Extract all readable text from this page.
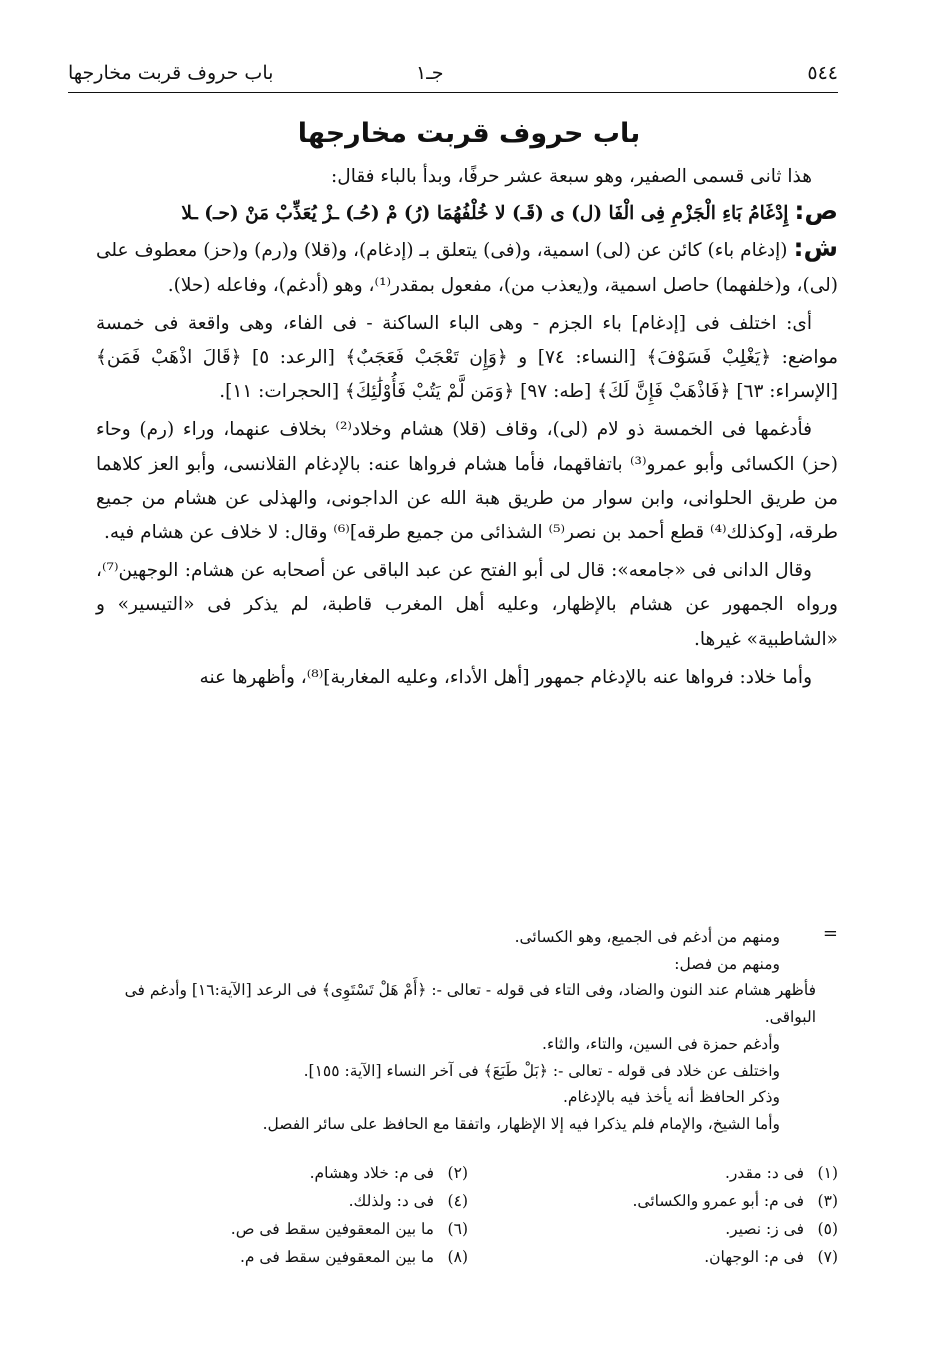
٥٤٤
جـ١
باب حروف قربت مخارجها
باب حروف قربت مخارجها

هذا ثانى قسمى الصفير، وهو سبعة عشر حرفًا، وبدأ بالباء فقال:

ص:إِدْغَامُ بَاءِ الْجَزْمِ فِى الْفَا (ل) ى (قَـ) لا خُلْفُهُمَا (رُ) مْ (حُـ) ـزْ يُعَذِّبْ مَنْ (حـ) ـلا

ش:(إدغام باء) كائن عن (لى) اسمية، و(فى) يتعلق بـ (إدغام)، و(قلا) و(رم) و(حز) معطوف على (لى)، و(خلفهما) حاصل اسمية، و(يعذب من)، مفعول بمقدر⁽¹⁾، وهو (أدغم)، وفاعله (حلا).

أى: اختلف فى [إدغام] باء الجزم - وهى الباء الساكنة - فى الفاء، وهى واقعة فى خمسة مواضع: ﴿يَغْلِبْ فَسَوْفَ﴾ [النساء: ٧٤] و ﴿وَإِن تَعْجَبْ فَعَجَبٌ﴾ [الرعد: ٥] ﴿قَالَ اذْهَبْ فَمَن﴾ [الإسراء: ٦٣] ﴿فَاذْهَبْ فَإِنَّ لَكَ﴾ [طه: ٩٧] ﴿وَمَن لَّمْ يَتُبْ فَأُوْلَٰئِكَ﴾ [الحجرات: ١١].

فأدغمها فى الخمسة ذو لام (لى)، وقاف (قلا) هشام وخلاد⁽²⁾ بخلاف عنهما، وراء (رم) وحاء (حز) الكسائى وأبو عمرو⁽³⁾ باتفاقهما، فأما هشام فرواها عنه: بالإدغام القلانسى، وأبو العز كلاهما من طريق الحلوانى، وابن سوار من طريق هبة الله عن الداجونى، والهذلى عن هشام من جميع طرقه، [وكذلك⁽⁴⁾ قطع أحمد بن نصر⁽⁵⁾ الشذائى من جميع طرقه]⁽⁶⁾ وقال: لا خلاف عن هشام فيه.

وقال الدانى فى «جامعه»: قال لى أبو الفتح عن عبد الباقى عن أصحابه عن هشام: الوجهين⁽⁷⁾، ورواه الجمهور عن هشام بالإظهار، وعليه أهل المغرب قاطبة، لم يذكر فى «التيسير» و «الشاطبية» غيرها.

وأما خلاد: فرواها عنه بالإدغام جمهور [أهل الأداء، وعليه المغاربة]⁽⁸⁾، وأظهرها عنه

=

ومنهم من أدغم فى الجميع، وهو الكسائى.

ومنهم من فصل:

فأظهر هشام عند النون والضاد، وفى التاء فى قوله - تعالى -: ﴿أَمْ هَلْ تَسْتَوِى﴾ فى الرعد [الآية:١٦] وأدغم فى البواقى.

وأدغم حمزة فى السين، والتاء، والثاء.

واختلف عن خلاد فى قوله - تعالى -: ﴿بَلْ طَبَعَ﴾ فى آخر النساء [الآية: ١٥٥].

وذكر الحافظ أنه يأخذ فيه بالإدغام.

وأما الشيخ، والإمام فلم يذكرا فيه إلا الإظهار، واتفقا مع الحافظ على سائر الفصل.

(١)فى د: مقدر.
(٢)فى م: خلاد وهشام.
(٣)فى م: أبو عمرو والكسائى.
(٤)فى د: ولذلك.
(٥)فى ز: نصير.
(٦)ما بين المعقوفين سقط فى ص.
(٧)فى م: الوجهان.
(٨)ما بين المعقوفين سقط فى م.
